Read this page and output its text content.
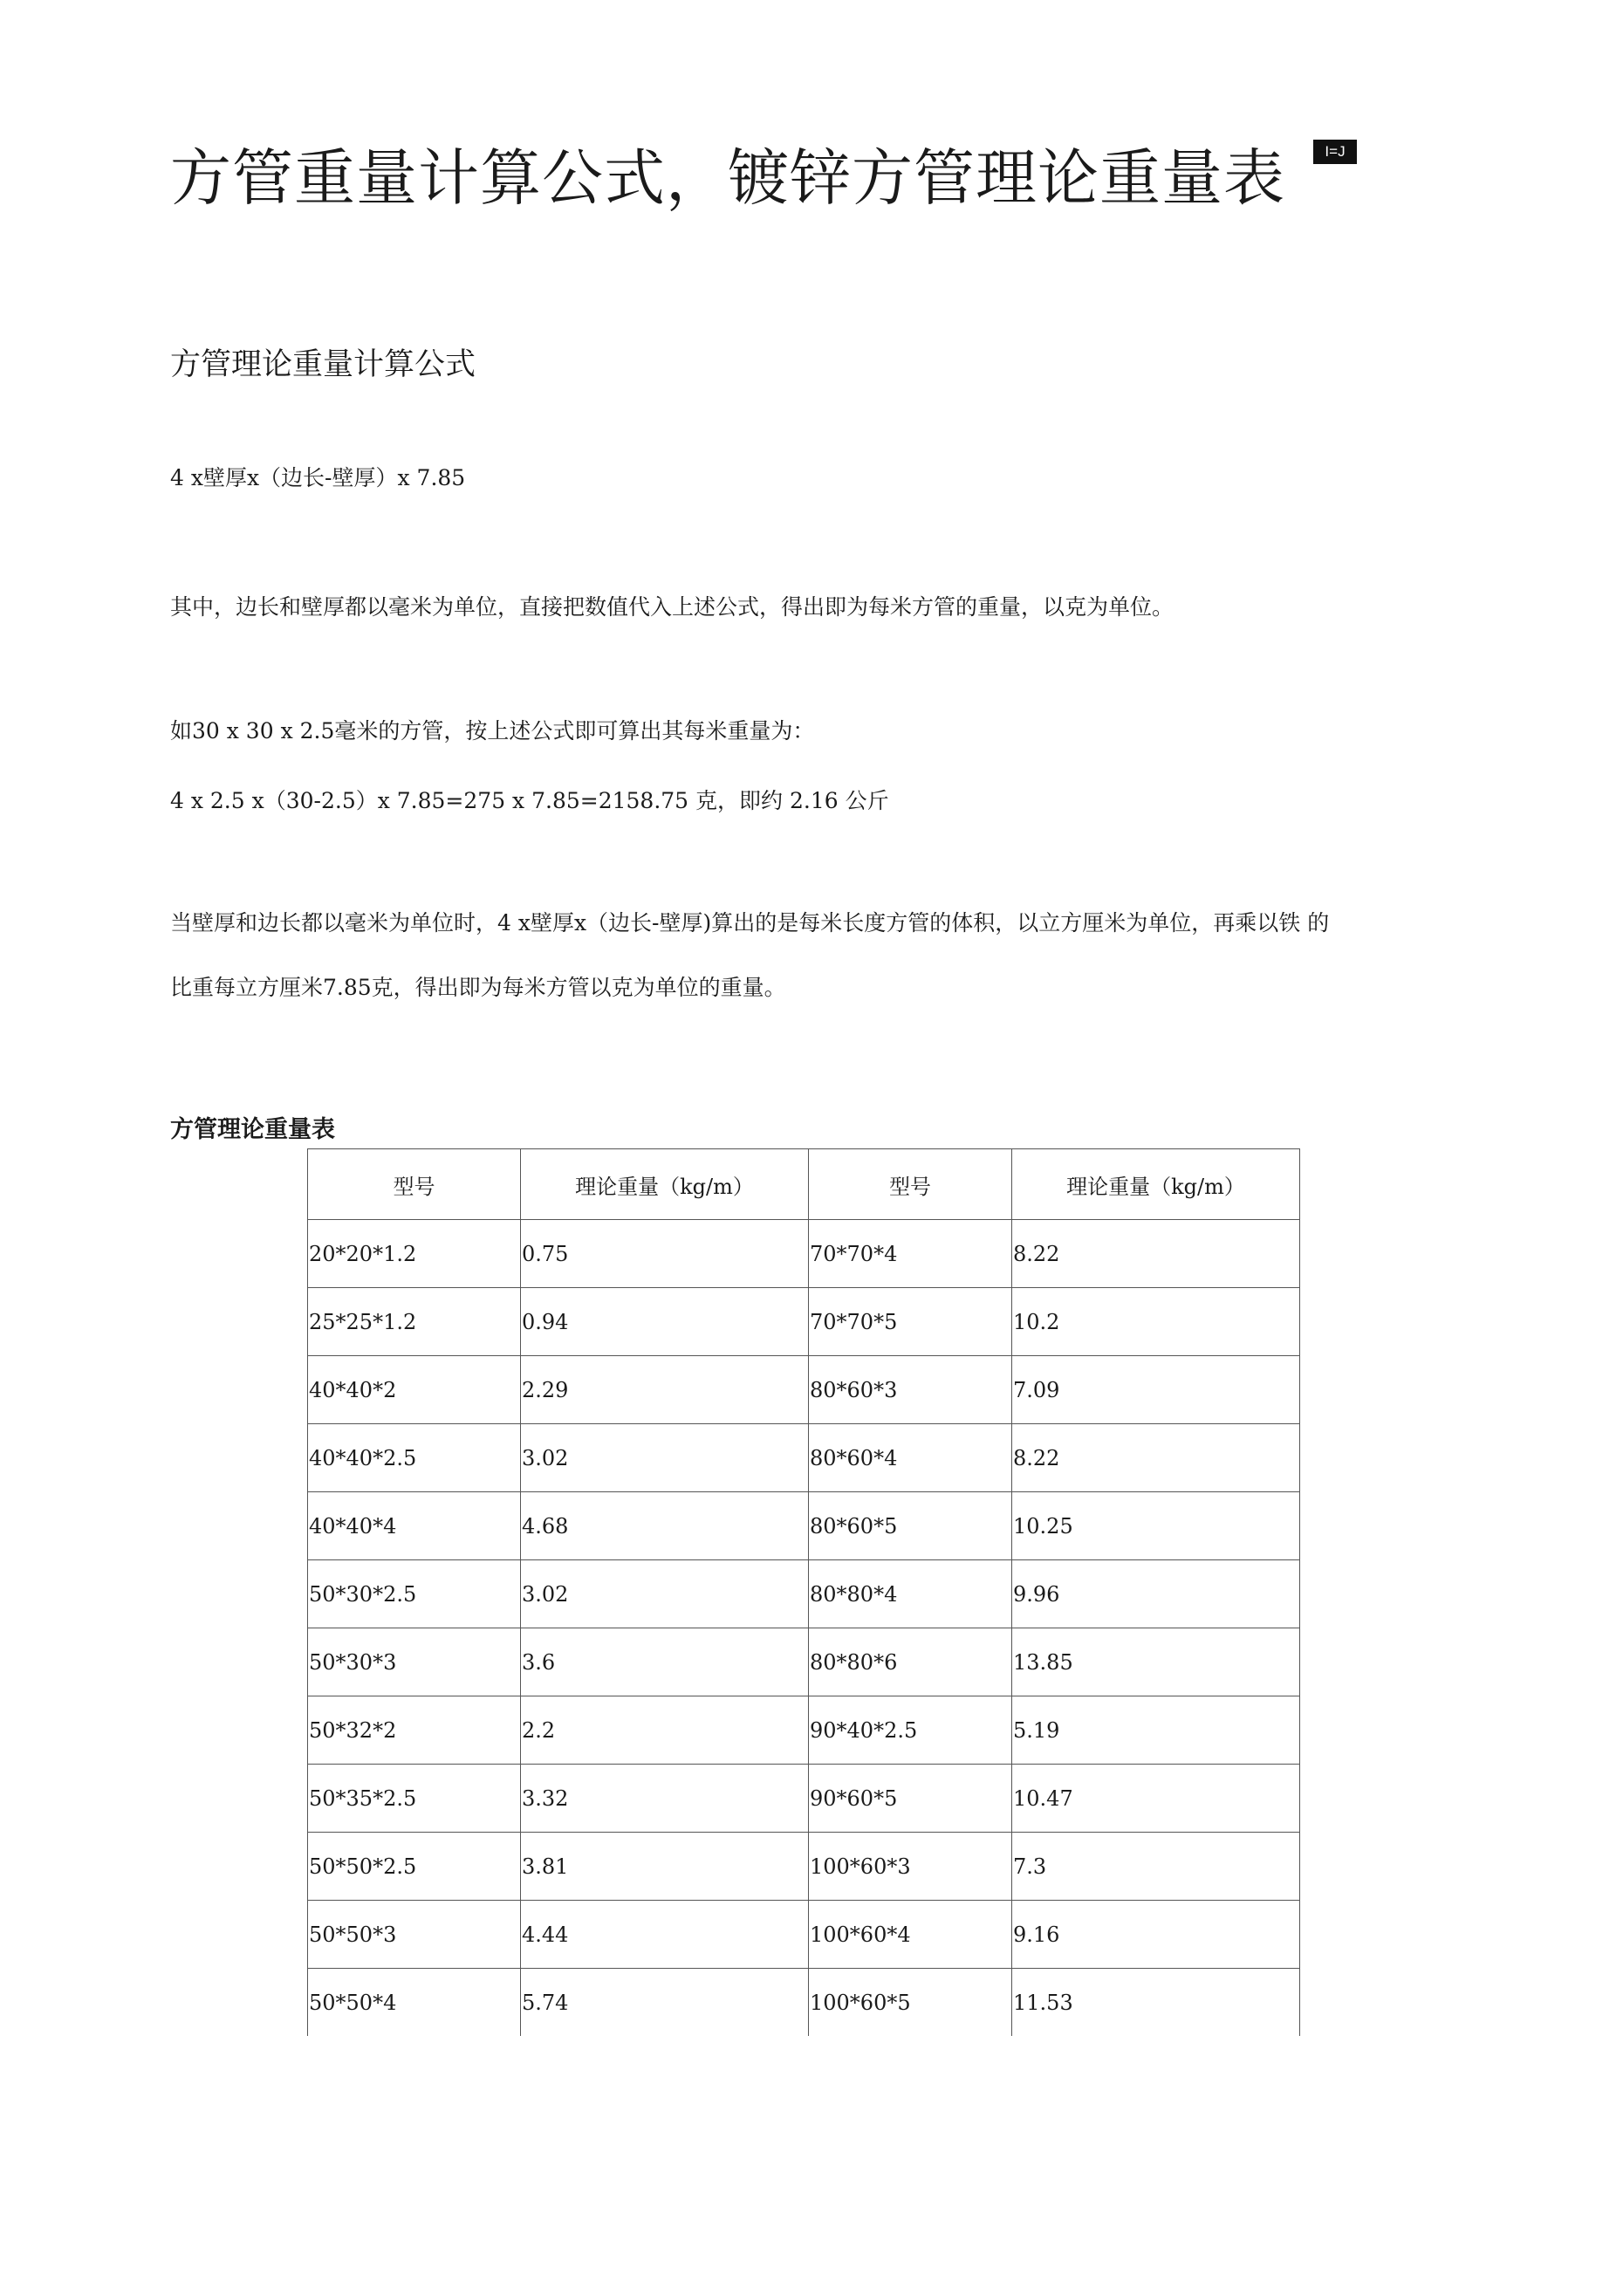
方管重量计算公式，镀锌方管理论重量表	I=J
方管理论重量计算公式

4 x壁厚x（边长-壁厚）x 7.85

其中，边长和壁厚都以毫米为单位，直接把数值代入上述公式，得出即为每米方管的重量，以克为单位。

如30 x 30 x 2.5毫米的方管，按上述公式即可算出其每米重量为：

4 x 2.5 x（30-2.5）x 7.85=275 x 7.85=2158.75 克，即约 2.16 公斤

当壁厚和边长都以毫米为单位时，4 x壁厚x（边长-壁厚)算出的是每米长度方管的体积，以立方厘米为单位，再乘以铁 的

比重每立方厘米7.85克，得出即为每米方管以克为单位的重量。

方管理论重量表
型号	理论重量（kg/m）	型号	理论重量（kg/m）
20*20*1.2	0.75	70*70*4	8.22
25*25*1.2	0.94	70*70*5	10.2
40*40*2	2.29	80*60*3	7.09
40*40*2.5	3.02	80*60*4	8.22
40*40*4	4.68	80*60*5	10.25
50*30*2.5	3.02	80*80*4	9.96
50*30*3	3.6	80*80*6	13.85
50*32*2	2.2	90*40*2.5	5.19
50*35*2.5	3.32	90*60*5	10.47
50*50*2.5	3.81	100*60*3	7.3
50*50*3	4.44	100*60*4	9.16
50*50*4	5.74	100*60*5	11.53
